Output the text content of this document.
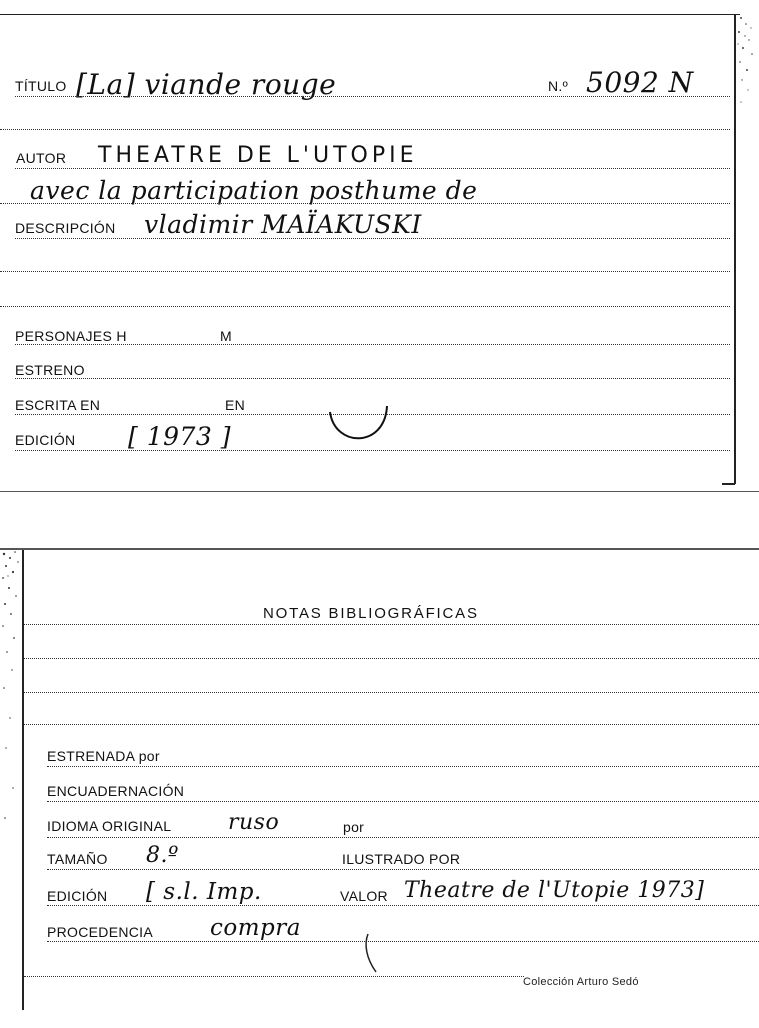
TÍTULO [La] viande rouge	N.º 5092 N
AUTOR THEATRE DE L'UTOPIE
avec la participation posthume de
DESCRIPCIÓN vladimir MAÏAKUSKI
PERSONAJES H	M
ESTRENO
ESCRITA EN	EN
EDICIÓN [ 1973 ]
NOTAS BIBLIOGRÁFICAS
ESTRENADA por
ENCUADERNACIÓN
IDIOMA ORIGINAL	ruso	por
TAMAÑO 8.º	ILUSTRADO POR
EDICIÓN [ s.l. Imp.	VALOR Theatre de l'Utopie 1973]
PROCEDENCIA compra
Colección Arturo Sedó
